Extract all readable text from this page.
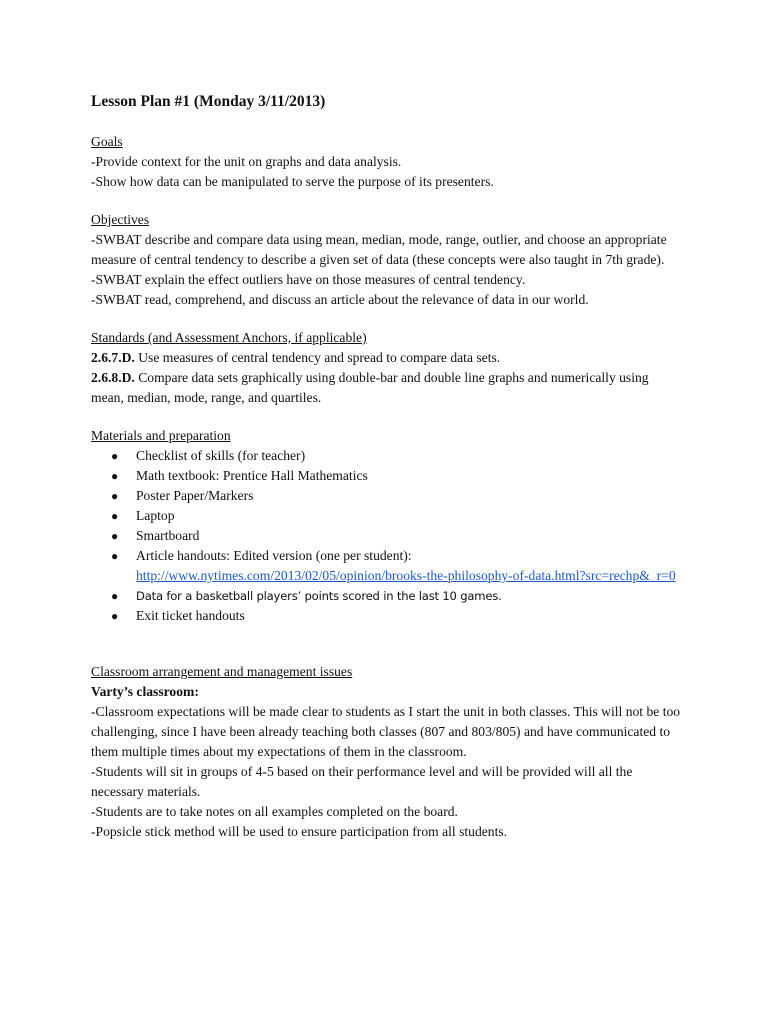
Lesson Plan #1 (Monday 3/11/2013)
Goals
-Provide context for the unit on graphs and data analysis.
-Show how data can be manipulated to serve the purpose of its presenters.
Objectives
-SWBAT describe and compare data using mean, median, mode, range, outlier, and choose an appropriate measure of central tendency to describe a given set of data (these concepts were also taught in 7th grade).
-SWBAT explain the effect outliers have on those measures of central tendency.
-SWBAT read, comprehend, and discuss an article about the relevance of data in our world.
Standards (and Assessment Anchors, if applicable)
2.6.7.D. Use measures of central tendency and spread to compare data sets.
2.6.8.D. Compare data sets graphically using double-bar and double line graphs and numerically using mean, median, mode, range, and quartiles.
Materials and preparation
● Checklist of skills (for teacher)
● Math textbook: Prentice Hall Mathematics
● Poster Paper/Markers
● Laptop
● Smartboard
● Article handouts: Edited version (one per student):
http://www.nytimes.com/2013/02/05/opinion/brooks-the-philosophy-of-data.html?src=rechp&_r=0
● Data for a basketball players’ points scored in the last 10 games.
● Exit ticket handouts
Classroom arrangement and management issues
Varty’s classroom:
-Classroom expectations will be made clear to students as I start the unit in both classes. This will not be too challenging, since I have been already teaching both classes (807 and 803/805) and have communicated to them multiple times about my expectations of them in the classroom.
-Students will sit in groups of 4-5 based on their performance level and will be provided will all the necessary materials.
-Students are to take notes on all examples completed on the board.
-Popsicle stick method will be used to ensure participation from all students.
